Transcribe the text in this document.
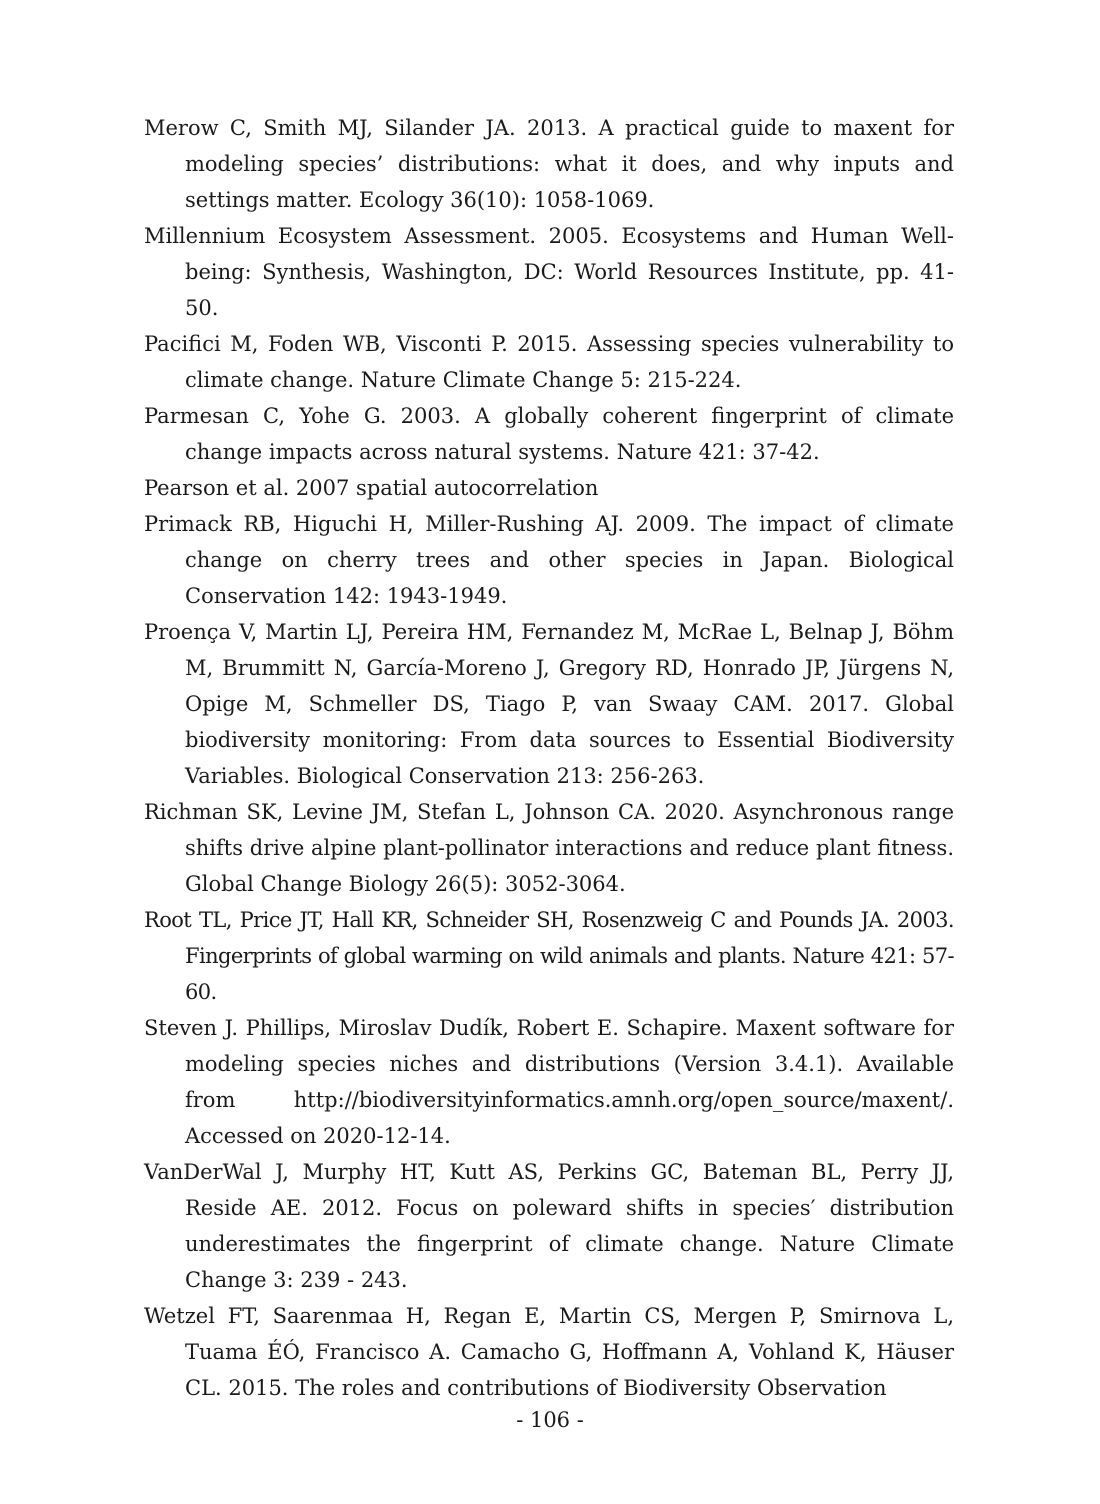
Merow C, Smith MJ, Silander JA. 2013. A practical guide to maxent for modeling species’ distributions: what it does, and why inputs and settings matter. Ecology 36(10): 1058-1069.
Millennium Ecosystem Assessment. 2005. Ecosystems and Human Well-being: Synthesis, Washington, DC: World Resources Institute, pp. 41-50.
Pacifici M, Foden WB, Visconti P. 2015. Assessing species vulnerability to climate change. Nature Climate Change 5: 215-224.
Parmesan C, Yohe G. 2003. A globally coherent fingerprint of climate change impacts across natural systems. Nature 421: 37-42.
Pearson et al. 2007 spatial autocorrelation
Primack RB, Higuchi H, Miller-Rushing AJ. 2009. The impact of climate change on cherry trees and other species in Japan. Biological Conservation 142: 1943-1949.
Proença V, Martin LJ, Pereira HM, Fernandez M, McRae L, Belnap J, Böhm M, Brummitt N, García-Moreno J, Gregory RD, Honrado JP, Jürgens N, Opige M, Schmeller DS, Tiago P, van Swaay CAM. 2017. Global biodiversity monitoring: From data sources to Essential Biodiversity Variables. Biological Conservation 213: 256-263.
Richman SK, Levine JM, Stefan L, Johnson CA. 2020. Asynchronous range shifts drive alpine plant-pollinator interactions and reduce plant fitness. Global Change Biology 26(5): 3052-3064.
Root TL, Price JT, Hall KR, Schneider SH, Rosenzweig C and Pounds JA. 2003. Fingerprints of global warming on wild animals and plants. Nature 421: 57-60.
Steven J. Phillips, Miroslav Dudík, Robert E. Schapire. Maxent software for modeling species niches and distributions (Version 3.4.1). Available from http://biodiversityinformatics.amnh.org/open_source/maxent/. Accessed on 2020-12-14.
VanDerWal J, Murphy HT, Kutt AS, Perkins GC, Bateman BL, Perry JJ, Reside AE. 2012. Focus on poleward shifts in species′ distribution underestimates the fingerprint of climate change. Nature Climate Change 3: 239 - 243.
Wetzel FT, Saarenmaa H, Regan E, Martin CS, Mergen P, Smirnova L, Tuama ÉÓ, Francisco A. Camacho G, Hoffmann A, Vohland K, Häuser CL. 2015. The roles and contributions of Biodiversity Observation
- 106 -
